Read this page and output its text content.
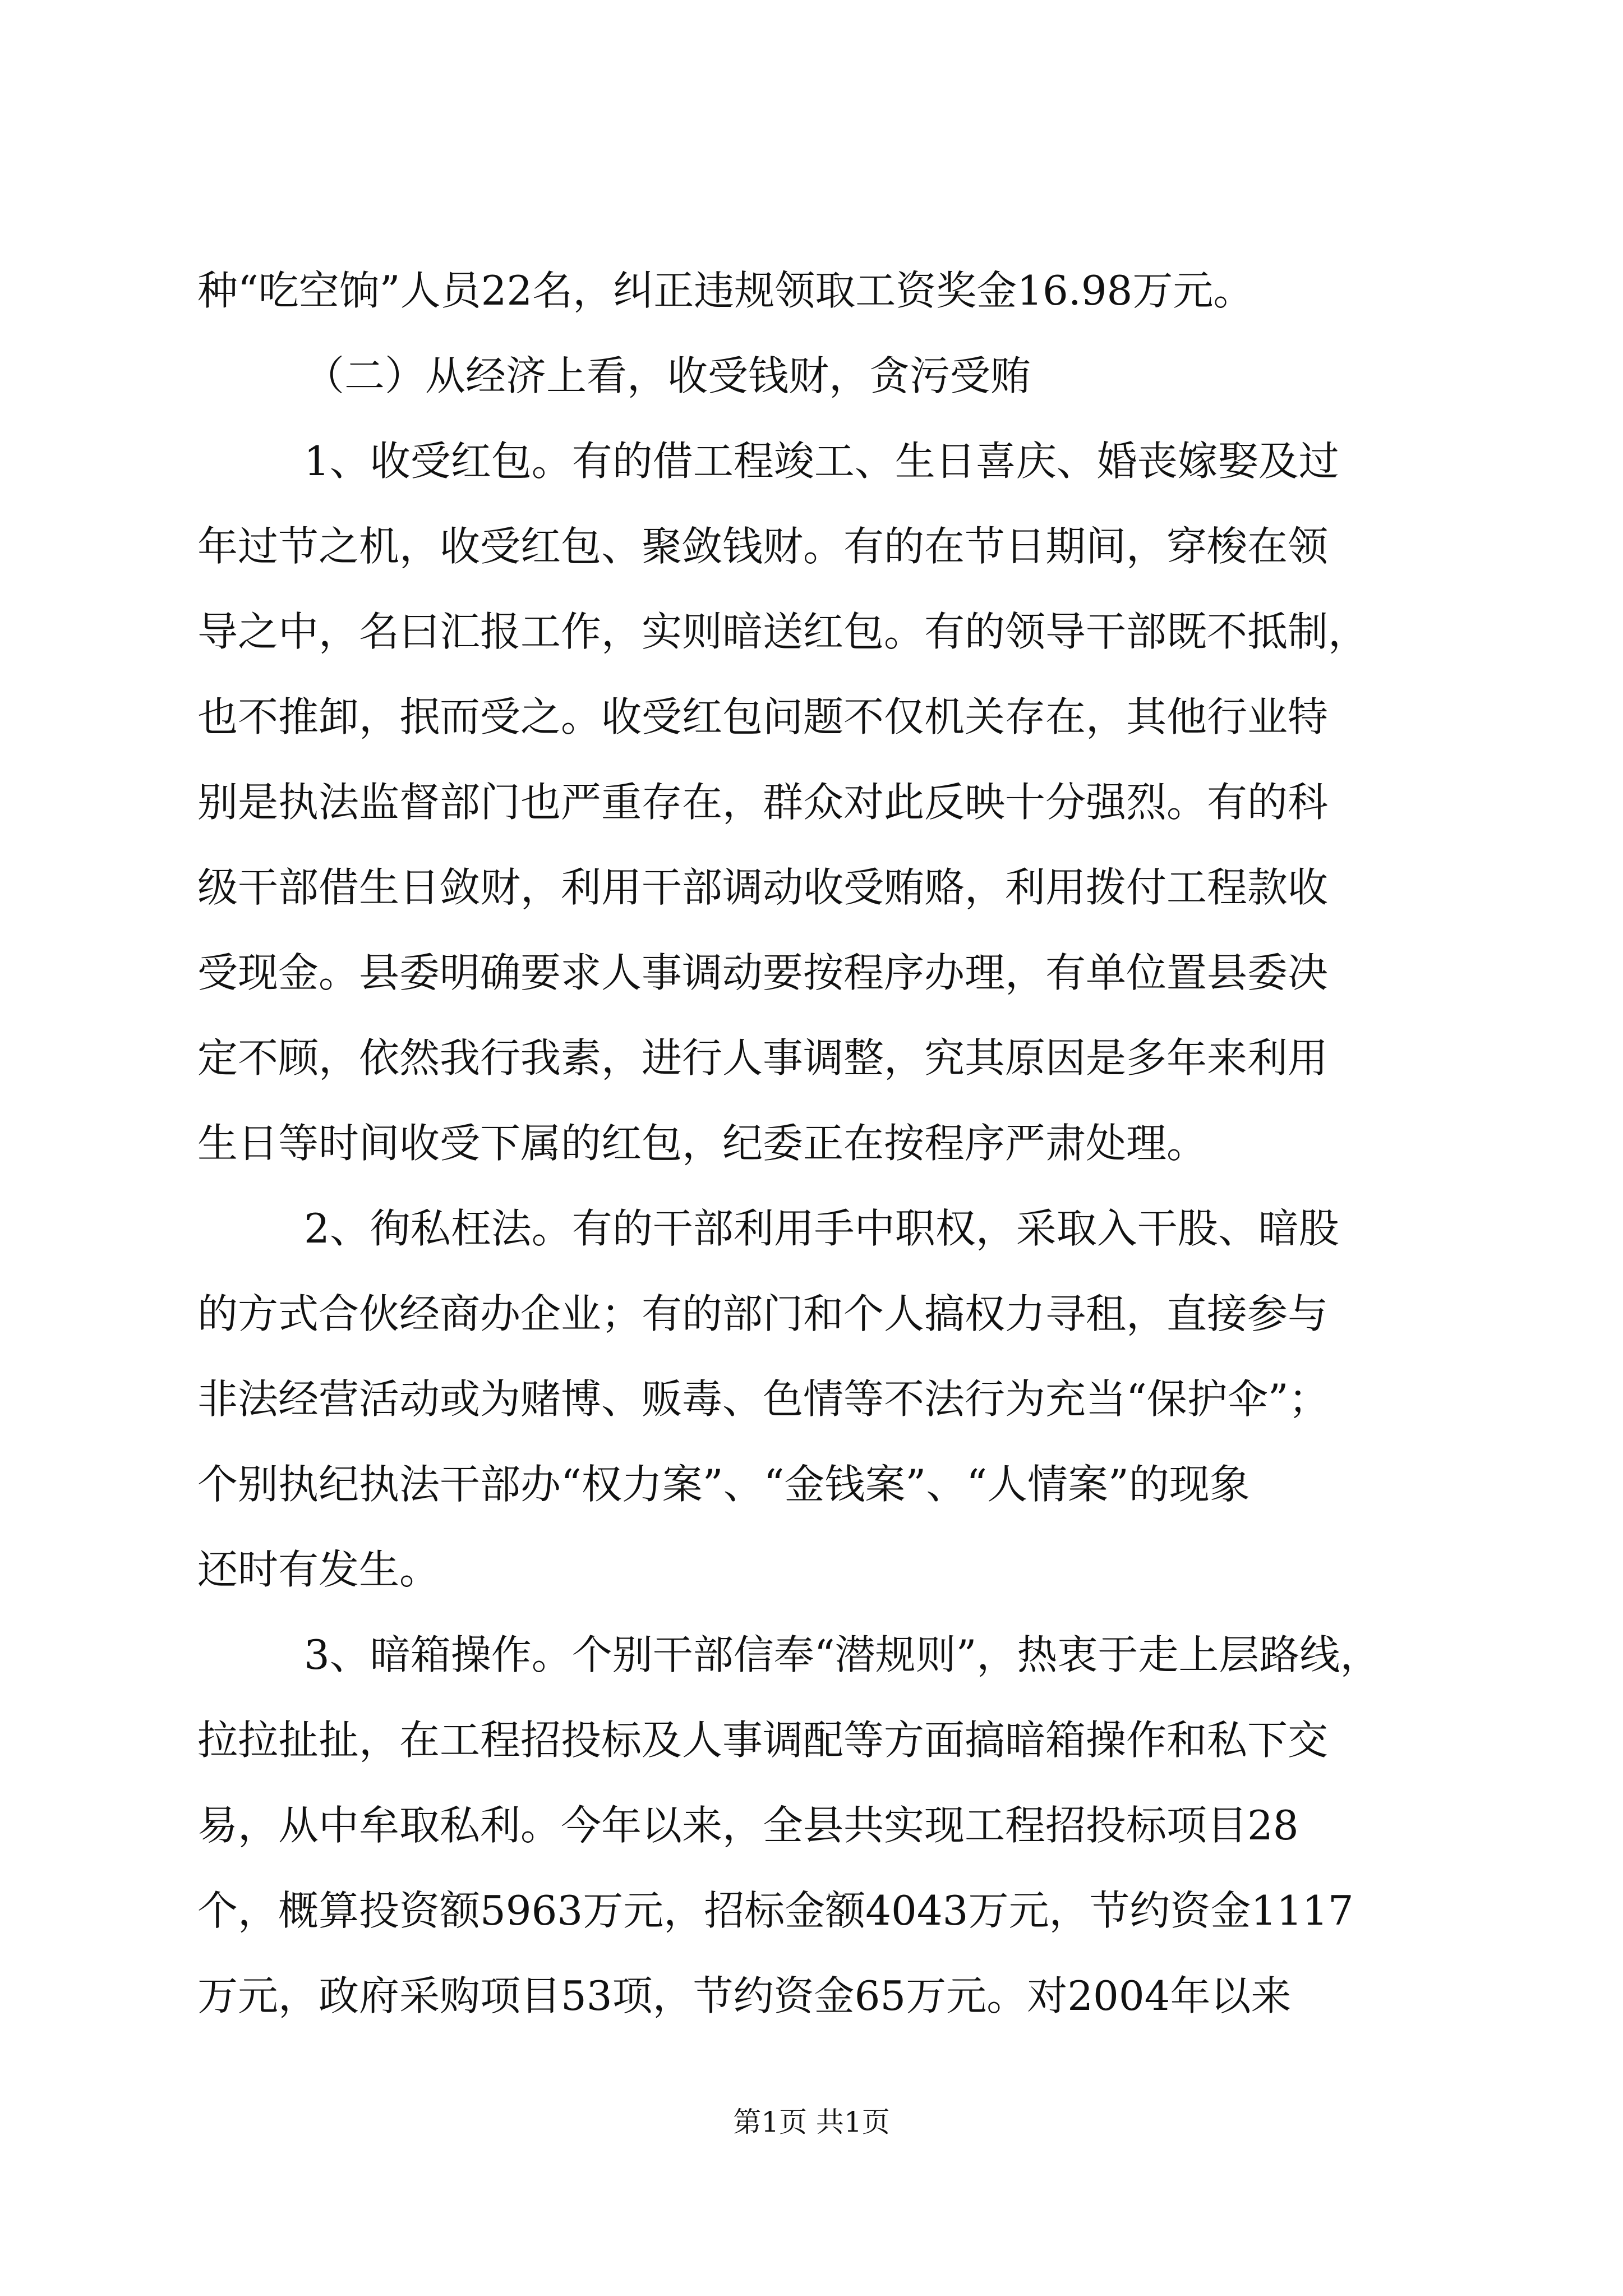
种“吃空饷”人员22名，纠正违规领取工资奖金16.98万元。
（二）从经济上看，收受钱财，贪污受贿
1、收受红包。有的借工程竣工、生日喜庆、婚丧嫁娶及过
年过节之机，收受红包、聚敛钱财。有的在节日期间，穿梭在领
导之中，名曰汇报工作，实则暗送红包。有的领导干部既不抵制，
也不推卸，抿而受之。收受红包问题不仅机关存在，其他行业特
别是执法监督部门也严重存在，群众对此反映十分强烈。有的科
级干部借生日敛财，利用干部调动收受贿赂，利用拨付工程款收
受现金。县委明确要求人事调动要按程序办理，有单位置县委决
定不顾，依然我行我素，进行人事调整，究其原因是多年来利用
生日等时间收受下属的红包，纪委正在按程序严肃处理。
2、徇私枉法。有的干部利用手中职权，采取入干股、暗股
的方式合伙经商办企业；有的部门和个人搞权力寻租，直接参与
非法经营活动或为赌博、贩毒、色情等不法行为充当“保护伞”；
个别执纪执法干部办“权力案”、“金钱案”、“人情案”的现象
还时有发生。
3、暗箱操作。个别干部信奉“潜规则”，热衷于走上层路线，
拉拉扯扯，在工程招投标及人事调配等方面搞暗箱操作和私下交
易，从中牟取私利。今年以来，全县共实现工程招投标项目28
个，概算投资额5963万元，招标金额4043万元，节约资金1117
万元，政府采购项目53项，节约资金65万元。对2004年以来
第1页 共1页
